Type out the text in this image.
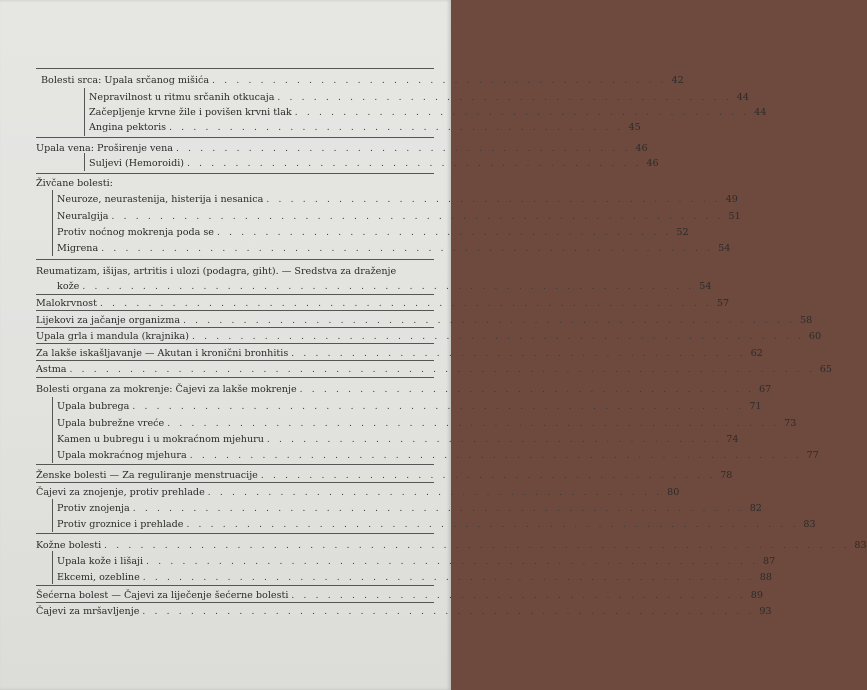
Bolesti srca: Upala srčanog mišića . . . . . . . . . . . . . . . . . . . . . . . . . . . . . . . . . . . . . . 42
Nepravilnost u ritmu srčanih otkucaja . . . . . . . . . . . . . . . . . . . . . . . . . . . . . . . . . . . . . . 44
Začepljenje krvne žile i povišen krvni tlak . . . . . . . . . . . . . . . . . . . . . . . . . . . . . . . . . . . . . . 44
Angina pektoris . . . . . . . . . . . . . . . . . . . . . . . . . . . . . . . . . . . . . . 45
Upala vena: Proširenje vena . . . . . . . . . . . . . . . . . . . . . . . . . . . . . . . . . . . . . . 46
Suljevi (Hemoroidi) . . . . . . . . . . . . . . . . . . . . . . . . . . . . . . . . . . . . . . 46
Živčane bolesti:
Neuroze, neurastenija, histerija i nesanica . . . . . . . . . . . . . . . . . . . . . . . . . . . . . . . . . . . . . . 49
Neuralgija . . . . . . . . . . . . . . . . . . . . . . . . . . . . . . . . . . . . . . . . . . . . . . . . . . . 51
Protiv noćnog mokrenja poda se . . . . . . . . . . . . . . . . . . . . . . . . . . . . . . . . . . . . . . 52
Migrena . . . . . . . . . . . . . . . . . . . . . . . . . . . . . . . . . . . . . . . . . . . . . . . . . . . 54
Reumatizam, išijas, artritis i ulozi (podagra, giht). — Sredstva za draženje
kože . . . . . . . . . . . . . . . . . . . . . . . . . . . . . . . . . . . . . . . . . . . . . . . . . . . 54
Malokrvnost . . . . . . . . . . . . . . . . . . . . . . . . . . . . . . . . . . . . . . . . . . . . . . . . . . . 57
Lijekovi za jačanje organizma . . . . . . . . . . . . . . . . . . . . . . . . . . . . . . . . . . . . . . . . . . . . . . . . . . . 58
Upala grla i mandula (krajnika) . . . . . . . . . . . . . . . . . . . . . . . . . . . . . . . . . . . . . . . . . . . . . . . . . . . 60
Za lakše iskašljavanje — Akutan i kronični bronhitis . . . . . . . . . . . . . . . . . . . . . . . . . . . . . . . . . . . . . . 62
Astma . . . . . . . . . . . . . . . . . . . . . . . . . . . . . . . . . . . . . . . . . . . . . . . . . . . . . . . . . . . . . . 65
Bolesti organa za mokrenje: Čajevi za lakše mokrenje . . . . . . . . . . . . . . . . . . . . . . . . . . . . . . . . . . . . . . 67
Upala bubrega . . . . . . . . . . . . . . . . . . . . . . . . . . . . . . . . . . . . . . . . . . . . . . . . . . . 71
Upala bubrežne vrećе . . . . . . . . . . . . . . . . . . . . . . . . . . . . . . . . . . . . . . . . . . . . . . . . . . . 73
Kamen u bubregu i u mokraćnom mjehuru . . . . . . . . . . . . . . . . . . . . . . . . . . . . . . . . . . . . . . 74
Upala mokraćnog mjehura . . . . . . . . . . . . . . . . . . . . . . . . . . . . . . . . . . . . . . . . . . . . . . . . . . . 77
Ženske bolesti — Za reguliranje menstruacije . . . . . . . . . . . . . . . . . . . . . . . . . . . . . . . . . . . . . . 78
Čajevi za znojenje, protiv prehlade . . . . . . . . . . . . . . . . . . . . . . . . . . . . . . . . . . . . . . 80
Protiv znojenja . . . . . . . . . . . . . . . . . . . . . . . . . . . . . . . . . . . . . . . . . . . . . . . . . . . 82
Protiv groznice i prehlade . . . . . . . . . . . . . . . . . . . . . . . . . . . . . . . . . . . . . . . . . . . . . . . . . . . 83
Kožne bolesti . . . . . . . . . . . . . . . . . . . . . . . . . . . . . . . . . . . . . . . . . . . . . . . . . . . . . . . . . . . . . . 83
Upala kože i lišaji . . . . . . . . . . . . . . . . . . . . . . . . . . . . . . . . . . . . . . . . . . . . . . . . . . . 87
Ekcemi, ozebline . . . . . . . . . . . . . . . . . . . . . . . . . . . . . . . . . . . . . . . . . . . . . . . . . . . 88
Šećerna bolest — Čajevi za liječenje šećerne bolesti . . . . . . . . . . . . . . . . . . . . . . . . . . . . . . . . . . . . . . 89
Čajevi za mršavljenje . . . . . . . . . . . . . . . . . . . . . . . . . . . . . . . . . . . . . . . . . . . . . . . . . . . 93
